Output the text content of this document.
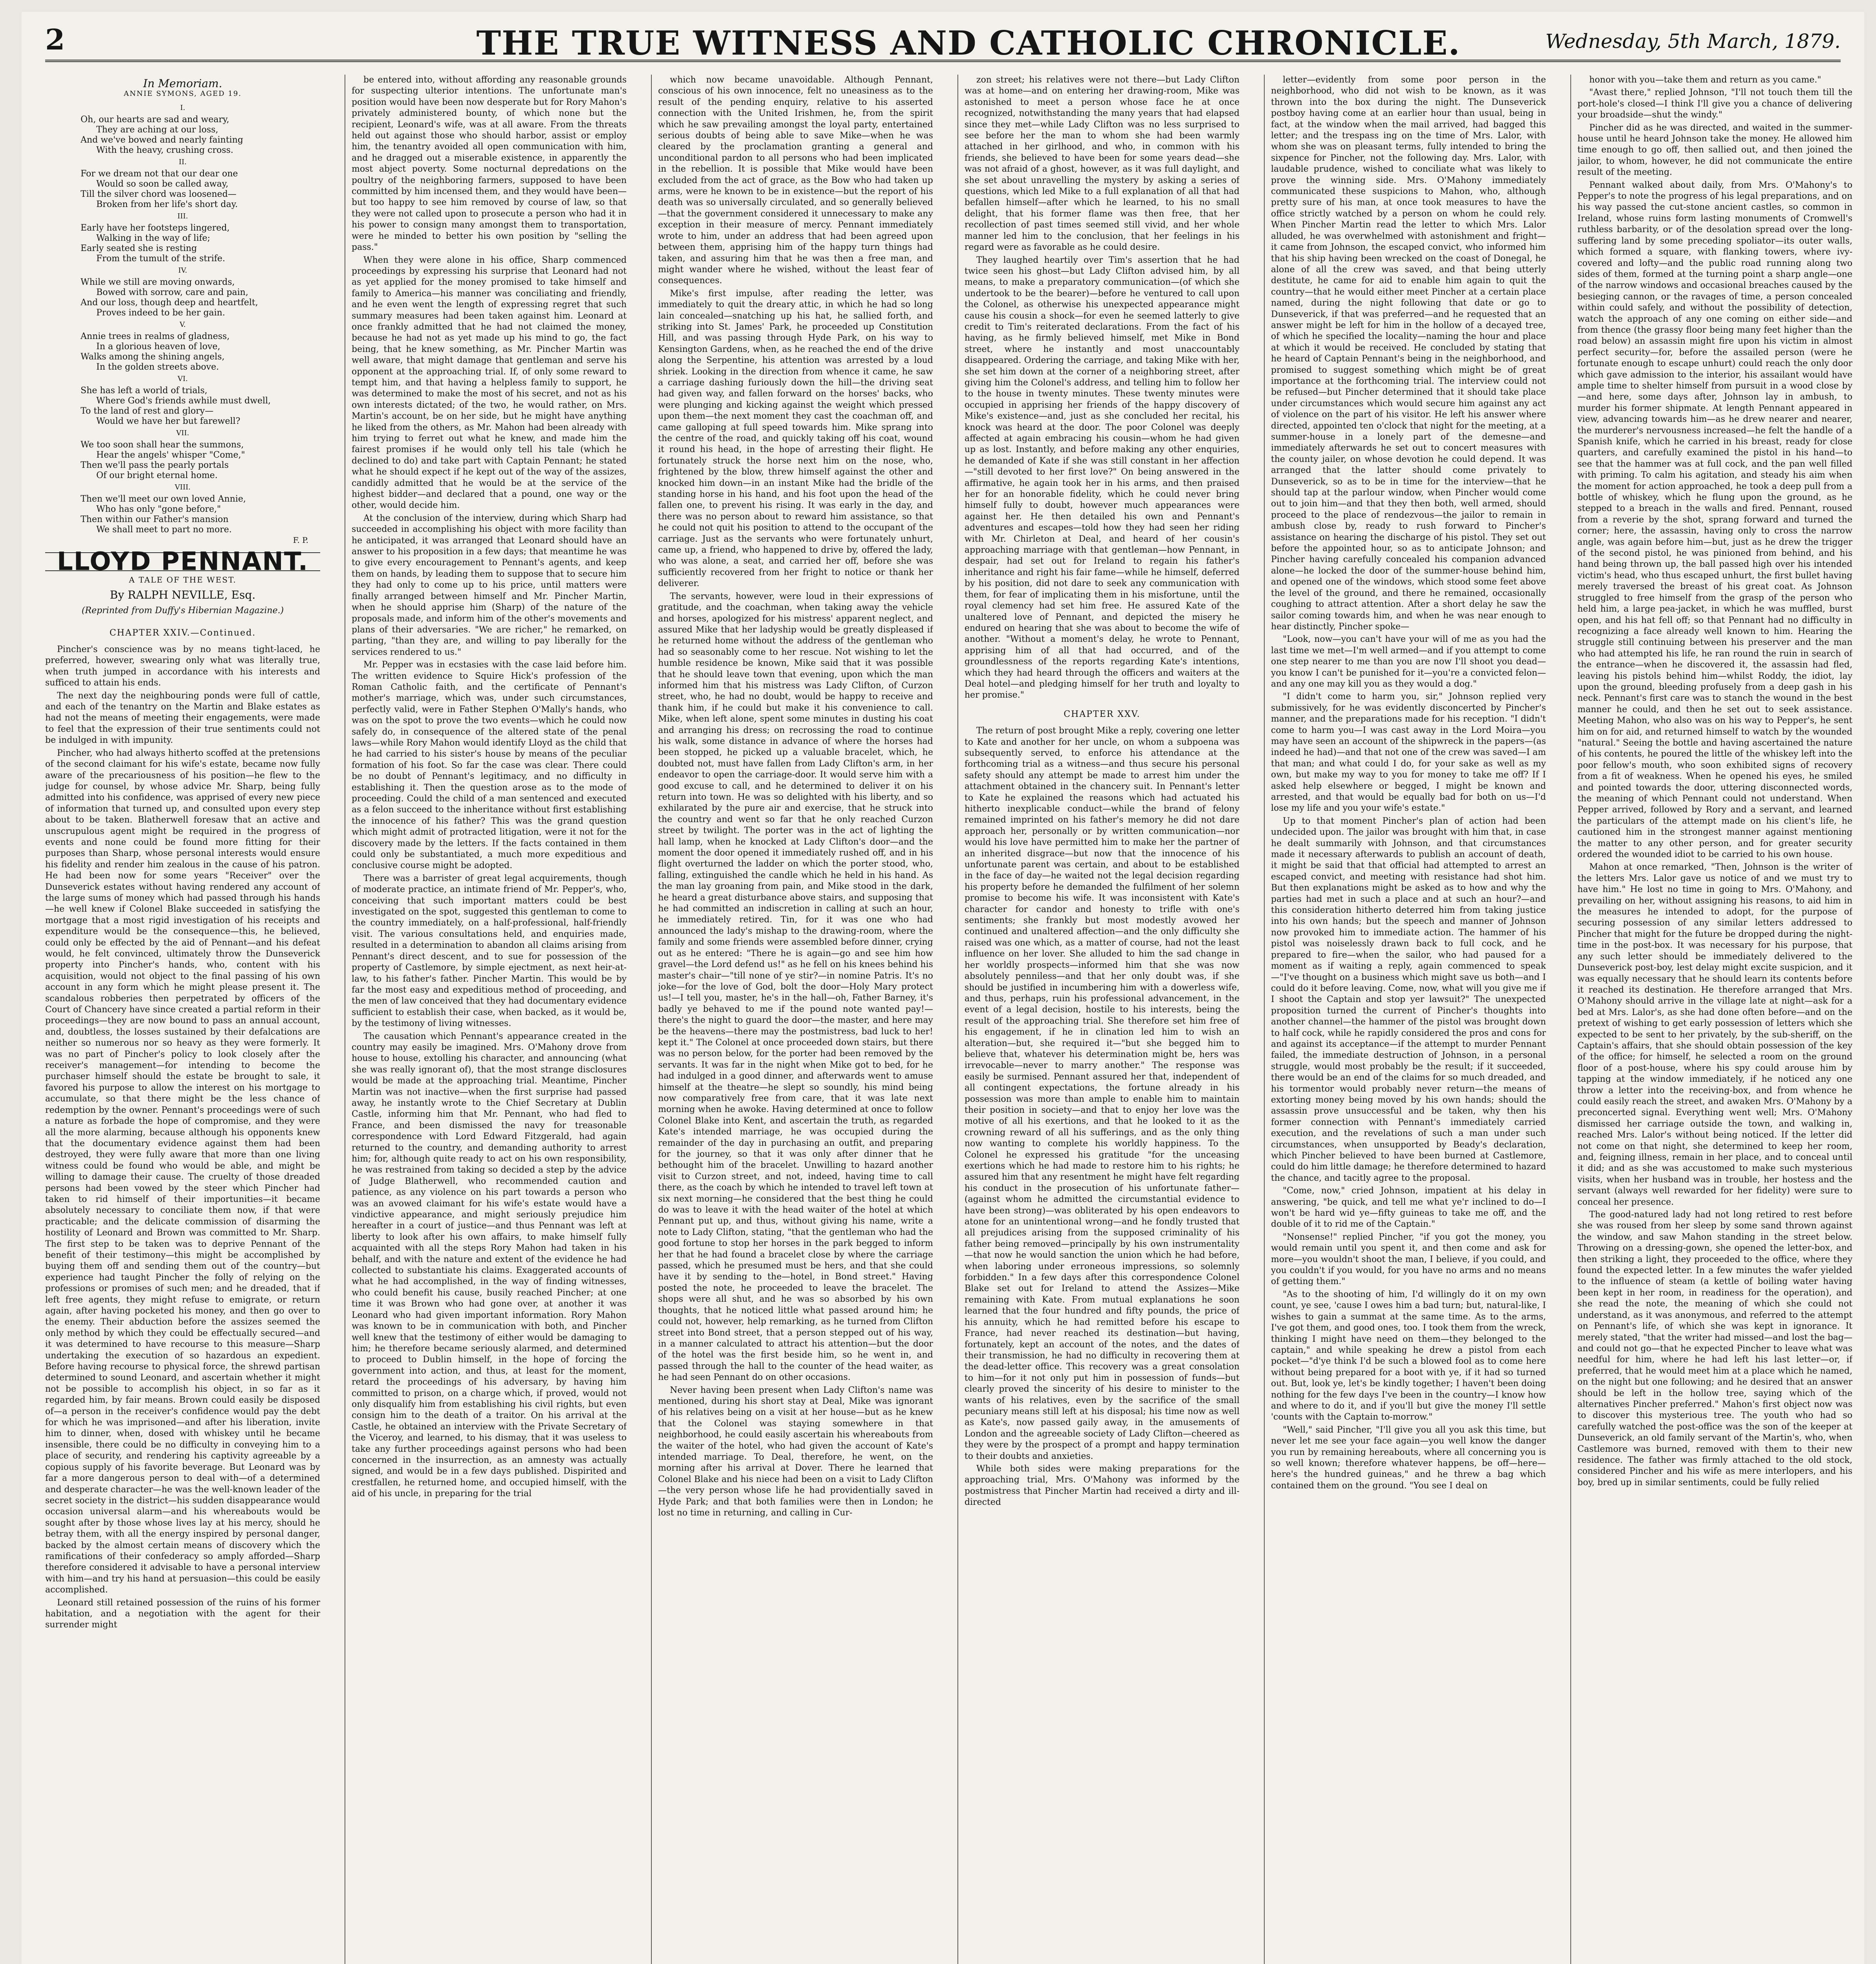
2	THE TRUE WITNESS AND CATHOLIC CHRONICLE.	Wednesday, 5th March, 1879.
In Memoriam.
ANNIE SYMONS, AGED 19.
I.
Oh, our hearts are sad and weary,
They are aching at our loss,
And we've bowed and nearly fainting
With the heavy, crushing cross.
II.
For we dream not that our dear one
Would so soon be called away,
Till the silver chord was loosened—
Broken from her life's short day.
III.
Early have her footsteps lingered,
Walking in the way of life;
Early seated she is resting
From the tumult of the strife.
IV.
While we still are moving onwards,
Bowed with sorrow, care and pain,
And our loss, though deep and heartfelt,
Proves indeed to be her gain.
V.
Annie trees in realms of gladness,
In a glorious heaven of love,
Walks among the shining angels,
In the golden streets above.
VI.
She has left a world of trials,
Where God's friends awhile must dwell,
To the land of rest and glory—
Would we have her but farewell?
VII.
We too soon shall hear the summons,
Hear the angels' whisper "Come,"
Then we'll pass the pearly portals
Of our bright eternal home.
VIII.
Then we'll meet our own loved Annie,
Who has only "gone before,"
Then within our Father's mansion
We shall meet to part no more.
F. P.
LLOYD PENNANT.
A TALE OF THE WEST.
By RALPH NEVILLE, Esq.
(Reprinted from Duffy's Hibernian Magazine.)
CHAPTER XXIV.—Continued.

Pincher's conscience was by no means tight-laced, he preferred, however, swearing only what was literally true, when truth jumped in accordance with his interests and sufficed to attain his ends.

The next day the neighbouring ponds were full of cattle, and each of the tenantry on the Martin and Blake estates as had not the means of meeting their engagements, were made to feel that the expression of their true sentiments could not be indulged in with impunity.

Pincher, who had always hitherto scoffed at the pretensions of the second claimant for his wife's estate, became now fully aware of the precariousness of his position—he flew to the judge for counsel, by whose advice Mr. Sharp, being fully admitted into his confidence, was apprised of every new piece of information that turned up, and consulted upon every step about to be taken. Blatherwell foresaw that an active and unscrupulous agent might be required in the progress of events and none could be found more fitting for their purposes than Sharp, whose personal interests would ensure his fidelity and render him zealous in the cause of his patron. He had been now for some years "Receiver" over the Dunseverick estates without having rendered any account of the large sums of money which had passed through his hands—he well knew if Colonel Blake succeeded in satisfying the mortgage that a most rigid investigation of his receipts and expenditure would be the consequence—this, he believed, could only be effected by the aid of Pennant—and his defeat would, he felt convinced, ultimately throw the Dunseverick property into Pincher's hands, who, content with his acquisition, would not object to the final passing of his own account in any form which he might please present it. The scandalous robberies then perpetrated by officers of the Court of Chancery have since created a partial reform in their proceedings—they are now bound to pass an annual account, and, doubtless, the losses sustained by their defalcations are neither so numerous nor so heavy as they were formerly. It was no part of Pincher's policy to look closely after the receiver's management—for intending to become the purchaser himself should the estate be brought to sale, it favored his purpose to allow the interest on his mortgage to accumulate, so that there might be the less chance of redemption by the owner. Pennant's proceedings were of such a nature as forbade the hope of compromise, and they were all the more alarming, because although his opponents knew that the documentary evidence against them had been destroyed, they were fully aware that more than one living witness could be found who would be able, and might be willing to damage their cause. The cruelty of those dreaded persons had been vowed by the steer which Pincher had taken to rid himself of their importunities—it became absolutely necessary to conciliate them now, if that were practicable; and the delicate commission of disarming the hostility of Leonard and Brown was committed to Mr. Sharp. The first step to be taken was to deprive Pennant of the benefit of their testimony—this might be accomplished by buying them off and sending them out of the country—but experience had taught Pincher the folly of relying on the professions or promises of such men; and he dreaded, that if left free agents, they might refuse to emigrate, or return again, after having pocketed his money, and then go over to the enemy. Their abduction before the assizes seemed the only method by which they could be effectually secured—and it was determined to have recourse to this measure—Sharp undertaking the execution of so hazardous an expedient. Before having recourse to physical force, the shrewd partisan determined to sound Leonard, and ascertain whether it might not be possible to accomplish his object, in so far as it regarded him, by fair means. Brown could easily be disposed of—a person in the receiver's confidence would pay the debt for which he was imprisoned—and after his liberation, invite him to dinner, when, dosed with whiskey until he became insensible, there could be no difficulty in conveying him to a place of security, and rendering his captivity agreeable by a copious supply of his favorite beverage. But Leonard was by far a more dangerous person to deal with—of a determined and desperate character—he was the well-known leader of the secret society in the district—his sudden disappearance would occasion universal alarm—and his whereabouts would be sought after by those whose lives lay at his mercy, should he betray them, with all the energy inspired by personal danger, backed by the almost certain means of discovery which the ramifications of their confederacy so amply afforded—Sharp therefore considered it advisable to have a personal interview with him—and try his hand at persuasion—this could be easily accomplished.

Leonard still retained possession of the ruins of his former habitation, and a negotiation with the agent for their surrender might

be entered into, without affording any reasonable grounds for suspecting ulterior intentions. The unfortunate man's position would have been now desperate but for Rory Mahon's privately administered bounty, of which none but the recipient, Leonard's wife, was at all aware. From the threats held out against those who should harbor, assist or employ him, the tenantry avoided all open communication with him, and he dragged out a miserable existence, in apparently the most abject poverty. Some nocturnal depredations on the poultry of the neighboring farmers, supposed to have been committed by him incensed them, and they would have been—but too happy to see him removed by course of law, so that they were not called upon to prosecute a person who had it in his power to consign many amongst them to transportation, were he minded to better his own position by "selling the pass."

When they were alone in his office, Sharp commenced proceedings by expressing his surprise that Leonard had not as yet applied for the money promised to take himself and family to America—his manner was conciliating and friendly, and he even went the length of expressing regret that such summary measures had been taken against him. Leonard at once frankly admitted that he had not claimed the money, because he had not as yet made up his mind to go, the fact being, that he knew something, as Mr. Pincher Martin was well aware, that might damage that gentleman and serve his opponent at the approaching trial. If, of only some reward to tempt him, and that having a helpless family to support, he was determined to make the most of his secret, and not as his own interests dictated; of the two, he would rather, on Mrs. Martin's account, be on her side, but he might have anything he liked from the others, as Mr. Mahon had been already with him trying to ferret out what he knew, and made him the fairest promises if he would only tell his tale (which he declined to do) and take part with Captain Pennant; he stated what he should expect if he kept out of the way of the assizes, candidly admitted that he would be at the service of the highest bidder—and declared that a pound, one way or the other, would decide him.

At the conclusion of the interview, during which Sharp had succeeded in accomplishing his object with more facility than he anticipated, it was arranged that Leonard should have an answer to his proposition in a few days; that meantime he was to give every encouragement to Pennant's agents, and keep them on hands, by leading them to suppose that to secure him they had only to come up to his price, until matters were finally arranged between himself and Mr. Pincher Martin, when he should apprise him (Sharp) of the nature of the proposals made, and inform him of the other's movements and plans of their adversaries. "We are richer," he remarked, on parting, "than they are, and willing to pay liberally for the services rendered to us."

Mr. Pepper was in ecstasies with the case laid before him. The written evidence to Squire Hick's profession of the Roman Catholic faith, and the certificate of Pennant's mother's marriage, which was, under such circumstances, perfectly valid, were in Father Stephen O'Mally's hands, who was on the spot to prove the two events—which he could now safely do, in consequence of the altered state of the penal laws—while Rory Mahon would identify Lloyd as the child that he had carried to his sister's house by means of the peculiar formation of his foot. So far the case was clear. There could be no doubt of Pennant's legitimacy, and no difficulty in establishing it. Then the question arose as to the mode of proceeding. Could the child of a man sentenced and executed as a felon succeed to the inheritance without first establishing the innocence of his father? This was the grand question which might admit of protracted litigation, were it not for the discovery made by the letters. If the facts contained in them could only be substantiated, a much more expeditious and conclusive course might be adopted.

There was a barrister of great legal acquirements, though of moderate practice, an intimate friend of Mr. Pepper's, who, conceiving that such important matters could be best investigated on the spot, suggested this gentleman to come to the country immediately, on a half-professional, half-friendly visit. The various consultations held, and enquiries made, resulted in a determination to abandon all claims arising from Pennant's direct descent, and to sue for possession of the property of Castlemore, by simple ejectment, as next heir-at-law, to his father's father. Pincher Martin. This would be by far the most easy and expeditious method of proceeding, and the men of law conceived that they had documentary evidence sufficient to establish their case, when backed, as it would be, by the testimony of living witnesses.

The causation which Pennant's appearance created in the country may easily be imagined. Mrs. O'Mahony drove from house to house, extolling his character, and announcing (what she was really ignorant of), that the most strange disclosures would be made at the approaching trial. Meantime, Pincher Martin was not inactive—when the first surprise had passed away, he instantly wrote to the Chief Secretary at Dublin Castle, informing him that Mr. Pennant, who had fled to France, and been dismissed the navy for treasonable correspondence with Lord Edward Fitzgerald, had again returned to the country, and demanding authority to arrest him; for, although quite ready to act on his own responsibility, he was restrained from taking so decided a step by the advice of Judge Blatherwell, who recommended caution and patience, as any violence on his part towards a person who was an avowed claimant for his wife's estate would have a vindictive appearance, and might seriously prejudice him hereafter in a court of justice—and thus Pennant was left at liberty to look after his own affairs, to make himself fully acquainted with all the steps Rory Mahon had taken in his behalf, and with the nature and extent of the evidence he had collected to substantiate his claims. Exaggerated accounts of what he had accomplished, in the way of finding witnesses, who could benefit his cause, busily reached Pincher; at one time it was Brown who had gone over, at another it was Leonard who had given important information. Rory Mahon was known to be in communication with both, and Pincher well knew that the testimony of either would be damaging to him; he therefore became seriously alarmed, and determined to proceed to Dublin himself, in the hope of forcing the government into action, and thus, at least for the moment, retard the proceedings of his adversary, by having him committed to prison, on a charge which, if proved, would not only disqualify him from establishing his civil rights, but even consign him to the death of a traitor. On his arrival at the Castle, he obtained an interview with the Private Secretary of the Viceroy, and learned, to his dismay, that it was useless to take any further proceedings against persons who had been concerned in the insurrection, as an amnesty was actually signed, and would be in a few days published. Dispirited and crestfallen, he returned home, and occupied himself, with the aid of his uncle, in preparing for the trial

which now became unavoidable. Although Pennant, conscious of his own innocence, felt no uneasiness as to the result of the pending enquiry, relative to his asserted connection with the United Irishmen, he, from the spirit which he saw prevailing amongst the loyal party, entertained serious doubts of being able to save Mike—when he was cleared by the proclamation granting a general and unconditional pardon to all persons who had been implicated in the rebellion. It is possible that Mike would have been excluded from the act of grace, as the Bow who had taken up arms, were he known to be in existence—but the report of his death was so universally circulated, and so generally believed—that the government considered it unnecessary to make any exception in their measure of mercy. Pennant immediately wrote to him, under an address that had been agreed upon between them, apprising him of the happy turn things had taken, and assuring him that he was then a free man, and might wander where he wished, without the least fear of consequences.

Mike's first impulse, after reading the letter, was immediately to quit the dreary attic, in which he had so long lain concealed—snatching up his hat, he sallied forth, and striking into St. James' Park, he proceeded up Constitution Hill, and was passing through Hyde Park, on his way to Kensington Gardens, when, as he reached the end of the drive along the Serpentine, his attention was arrested by a loud shriek. Looking in the direction from whence it came, he saw a carriage dashing furiously down the hill—the driving seat had given way, and fallen forward on the horses' backs, who were plunging and kicking against the weight which pressed upon them—the next moment they cast the coachman off, and came galloping at full speed towards him. Mike sprang into the centre of the road, and quickly taking off his coat, wound it round his head, in the hope of arresting their flight. He fortunately struck the horse next him on the nose, who, frightened by the blow, threw himself against the other and knocked him down—in an instant Mike had the bridle of the standing horse in his hand, and his foot upon the head of the fallen one, to prevent his rising. It was early in the day, and there was no person about to reward him assistance, so that he could not quit his position to attend to the occupant of the carriage. Just as the servants who were fortunately unhurt, came up, a friend, who happened to drive by, offered the lady, who was alone, a seat, and carried her off, before she was sufficiently recovered from her fright to notice or thank her deliverer.

The servants, however, were loud in their expressions of gratitude, and the coachman, when taking away the vehicle and horses, apologized for his mistress' apparent neglect, and assured Mike that her ladyship would be greatly displeased if he returned home without the address of the gentleman who had so seasonably come to her rescue. Not wishing to let the humble residence be known, Mike said that it was possible that he should leave town that evening, upon which the man informed him that his mistress was Lady Clifton, of Curzon street, who, he had no doubt, would be happy to receive and thank him, if he could but make it his convenience to call. Mike, when left alone, spent some minutes in dusting his coat and arranging his dress; on recrossing the road to continue his walk, some distance in advance of where the horses had been stopped, he picked up a valuable bracelet, which, he doubted not, must have fallen from Lady Clifton's arm, in her endeavor to open the carriage-door. It would serve him with a good excuse to call, and he determined to deliver it on his return into town. He was so delighted with his liberty, and so exhilarated by the pure air and exercise, that he struck into the country and went so far that he only reached Curzon street by twilight. The porter was in the act of lighting the hall lamp, when he knocked at Lady Clifton's door—and the moment the door opened it immediately rushed off, and in his flight overturned the ladder on which the porter stood, who, falling, extinguished the candle which he held in his hand. As the man lay groaning from pain, and Mike stood in the dark, he heard a great disturbance above stairs, and supposing that he had committed an indiscretion in calling at such an hour, he immediately retired. Tin, for it was one who had announced the lady's mishap to the drawing-room, where the family and some friends were assembled before dinner, crying out as he entered: "There he is again—go and see him how gravel—the Lord defend us!" as he fell on his knees behind his master's chair—"till none of ye stir?—in nomine Patris. It's no joke—for the love of God, bolt the door—Holy Mary protect us!—I tell you, master, he's in the hall—oh, Father Barney, it's badly ye behaved to me if the pound note wanted pay!—there's the night to guard the door—the master, and here may be the heavens—there may the postmistress, bad luck to her! kept it." The Colonel at once proceeded down stairs, but there was no person below, for the porter had been removed by the servants. It was far in the night when Mike got to bed, for he had indulged in a good dinner, and afterwards went to amuse himself at the theatre—he slept so soundly, his mind being now comparatively free from care, that it was late next morning when he awoke. Having determined at once to follow Colonel Blake into Kent, and ascertain the truth, as regarded Kate's intended marriage, he was occupied during the remainder of the day in purchasing an outfit, and preparing for the journey, so that it was only after dinner that he bethought him of the bracelet. Unwilling to hazard another visit to Curzon street, and not, indeed, having time to call there, as the coach by which he intended to travel left town at six next morning—he considered that the best thing he could do was to leave it with the head waiter of the hotel at which Pennant put up, and thus, without giving his name, write a note to Lady Clifton, stating, "that the gentleman who had the good fortune to stop her horses in the park begged to inform her that he had found a bracelet close by where the carriage passed, which he presumed must be hers, and that she could have it by sending to the—hotel, in Bond street." Having posted the note, he proceeded to leave the bracelet. The shops were all shut, and he was so absorbed by his own thoughts, that he noticed little what passed around him; he could not, however, help remarking, as he turned from Clifton street into Bond street, that a person stepped out of his way, in a manner calculated to attract his attention—but the door of the hotel was the first beside him, so he went in, and passed through the hall to the counter of the head waiter, as he had seen Pennant do on other occasions.

Never having been present when Lady Clifton's name was mentioned, during his short stay at Deal, Mike was ignorant of his relatives being on a visit at her house—but as he knew that the Colonel was staying somewhere in that neighborhood, he could easily ascertain his whereabouts from the waiter of the hotel, who had given the account of Kate's intended marriage. To Deal, therefore, he went, on the morning after his arrival at Dover. There he learned that Colonel Blake and his niece had been on a visit to Lady Clifton—the very person whose life he had providentially saved in Hyde Park; and that both families were then in London; he lost no time in returning, and calling in Cur-

zon street; his relatives were not there—but Lady Clifton was at home—and on entering her drawing-room, Mike was astonished to meet a person whose face he at once recognized, notwithstanding the many years that had elapsed since they met—while Lady Clifton was no less surprised to see before her the man to whom she had been warmly attached in her girlhood, and who, in common with his friends, she believed to have been for some years dead—she was not afraid of a ghost, however, as it was full daylight, and she set about unravelling the mystery by asking a series of questions, which led Mike to a full explanation of all that had befallen himself—after which he learned, to his no small delight, that his former flame was then free, that her recollection of past times seemed still vivid, and her whole manner led him to the conclusion, that her feelings in his regard were as favorable as he could desire.

They laughed heartily over Tim's assertion that he had twice seen his ghost—but Lady Clifton advised him, by all means, to make a preparatory communication—(of which she undertook to be the bearer)—before he ventured to call upon the Colonel, as otherwise his unexpected appearance might cause his cousin a shock—for even he seemed latterly to give credit to Tim's reiterated declarations. From the fact of his having, as he firmly believed himself, met Mike in Bond street, where he instantly and most unaccountably disappeared. Ordering the carriage, and taking Mike with her, she set him down at the corner of a neighboring street, after giving him the Colonel's address, and telling him to follow her to the house in twenty minutes. These twenty minutes were occupied in apprising her friends of the happy discovery of Mike's existence—and, just as she concluded her recital, his knock was heard at the door. The poor Colonel was deeply affected at again embracing his cousin—whom he had given up as lost. Instantly, and before making any other enquiries, he demanded of Kate if she was still constant in her affection—"still devoted to her first love?" On being answered in the affirmative, he again took her in his arms, and then praised her for an honorable fidelity, which he could never bring himself fully to doubt, however much appearances were against her. He then detailed his own and Pennant's adventures and escapes—told how they had seen her riding with Mr. Chirleton at Deal, and heard of her cousin's approaching marriage with that gentleman—how Pennant, in despair, had set out for Ireland to regain his father's inheritance and right his fair fame—while he himself, deferred by his position, did not dare to seek any communication with them, for fear of implicating them in his misfortune, until the royal clemency had set him free. He assured Kate of the unaltered love of Pennant, and depicted the misery he endured on hearing that she was about to become the wife of another. "Without a moment's delay, he wrote to Pennant, apprising him of all that had occurred, and of the groundlessness of the reports regarding Kate's intentions, which they had heard through the officers and waiters at the Deal hotel—and pledging himself for her truth and loyalty to her promise."

CHAPTER XXV.

The return of post brought Mike a reply, covering one letter to Kate and another for her uncle, on whom a subpoena was subsequently served, to enforce his attendance at the forthcoming trial as a witness—and thus secure his personal safety should any attempt be made to arrest him under the attachment obtained in the chancery suit. In Pennant's letter to Kate he explained the reasons which had actuated his hitherto inexplicable conduct—while the brand of felony remained imprinted on his father's memory he did not dare approach her, personally or by written communication—nor would his love have permitted him to make her the partner of an inherited disgrace—but now that the innocence of his unfortunate parent was certain, and about to be established in the face of day—he waited not the legal decision regarding his property before he demanded the fulfilment of her solemn promise to become his wife. It was inconsistent with Kate's character for candor and honesty to trifle with one's sentiments; she frankly but most modestly avowed her continued and unaltered affection—and the only difficulty she raised was one which, as a matter of course, had not the least influence on her lover. She alluded to him the sad change in her worldly prospects—informed him that she was now absolutely penniless—and that her only doubt was, if she should be justified in incumbering him with a dowerless wife, and thus, perhaps, ruin his professional advancement, in the event of a legal decision, hostile to his interests, being the result of the approaching trial. She therefore set him free of his engagement, if he in clination led him to wish an alteration—but, she required it—"but she begged him to believe that, whatever his determination might be, hers was irrevocable—never to marry another." The response was easily be surmised. Pennant assured her that, independent of all contingent expectations, the fortune already in his possession was more than ample to enable him to maintain their position in society—and that to enjoy her love was the motive of all his exertions, and that he looked to it as the crowning reward of all his sufferings, and as the only thing now wanting to complete his worldly happiness. To the Colonel he expressed his gratitude "for the unceasing exertions which he had made to restore him to his rights; he assured him that any resentment he might have felt regarding his conduct in the prosecution of his unfortunate father—(against whom he admitted the circumstantial evidence to have been strong)—was obliterated by his open endeavors to atone for an unintentional wrong—and he fondly trusted that all prejudices arising from the supposed criminality of his father being removed—principally by his own instrumentality—that now he would sanction the union which he had before, when laboring under erroneous impressions, so solemnly forbidden." In a few days after this correspondence Colonel Blake set out for Ireland to attend the Assizes—Mike remaining with Kate. From mutual explanations he soon learned that the four hundred and fifty pounds, the price of his annuity, which he had remitted before his escape to France, had never reached its destination—but having, fortunately, kept an account of the notes, and the dates of their transmission, he had no difficulty in recovering them at the dead-letter office. This recovery was a great consolation to him—for it not only put him in possession of funds—but clearly proved the sincerity of his desire to minister to the wants of his relatives, even by the sacrifice of the small pecuniary means still left at his disposal; his time now as well as Kate's, now passed gaily away, in the amusements of London and the agreeable society of Lady Clifton—cheered as they were by the prospect of a prompt and happy termination to their doubts and anxieties.

While both sides were making preparations for the approaching trial, Mrs. O'Mahony was informed by the postmistress that Pincher Martin had received a dirty and ill-directed

letter—evidently from some poor person in the neighborhood, who did not wish to be known, as it was thrown into the box during the night. The Dunseverick postboy having come at an earlier hour than usual, being in fact, at the window when the mail arrived, had bagged this letter; and the trespass ing on the time of Mrs. Lalor, with whom she was on pleasant terms, fully intended to bring the sixpence for Pincher, not the following day. Mrs. Lalor, with laudable prudence, wished to conciliate what was likely to prove the winning side. Mrs. O'Mahony immediately communicated these suspicions to Mahon, who, although pretty sure of his man, at once took measures to have the office strictly watched by a person on whom he could rely. When Pincher Martin read the letter to which Mrs. Lalor alluded, he was overwhelmed with astonishment and fright—it came from Johnson, the escaped convict, who informed him that his ship having been wrecked on the coast of Donegal, he alone of all the crew was saved, and that being utterly destitute, he came for aid to enable him again to quit the country—that he would either meet Pincher at a certain place named, during the night following that date or go to Dunseverick, if that was preferred—and he requested that an answer might be left for him in the hollow of a decayed tree, of which he specified the locality—naming the hour and place at which it would be received. He concluded by stating that he heard of Captain Pennant's being in the neighborhood, and promised to suggest something which might be of great importance at the forthcoming trial. The interview could not be refused—but Pincher determined that it should take place under circumstances which would secure him against any act of violence on the part of his visitor. He left his answer where directed, appointed ten o'clock that night for the meeting, at a summer-house in a lonely part of the demesne—and immediately afterwards he set out to concert measures with the county jailer, on whose devotion he could depend. It was arranged that the latter should come privately to Dunseverick, so as to be in time for the interview—that he should tap at the parlour window, when Pincher would come out to join him—and that they then both, well armed, should proceed to the place of rendezvous—the jailor to remain in ambush close by, ready to rush forward to Pincher's assistance on hearing the discharge of his pistol. They set out before the appointed hour, so as to anticipate Johnson; and Pincher having carefully concealed his companion advanced alone—he locked the door of the summer-house behind him, and opened one of the windows, which stood some feet above the level of the ground, and there he remained, occasionally coughing to attract attention. After a short delay he saw the sailor coming towards him, and when he was near enough to hear distinctly, Pincher spoke—

"Look, now—you can't have your will of me as you had the last time we met—I'm well armed—and if you attempt to come one step nearer to me than you are now I'll shoot you dead—you know I can't be punished for it—you're a convicted felon—and any one may kill you as they would a dog."

"I didn't come to harm you, sir," Johnson replied very submissively, for he was evidently disconcerted by Pincher's manner, and the preparations made for his reception. "I didn't come to harm you—I was cast away in the Lord Moira—you may have seen an account of the shipwreck in the papers—(as indeed he had)—and that not one of the crew was saved—I am that man; and what could I do, for your sake as well as my own, but make my way to you for money to take me off? If I asked help elsewhere or begged, I might be known and arrested, and that would be equally bad for both on us—I'd lose my life and you your wife's estate."

Up to that moment Pincher's plan of action had been undecided upon. The jailor was brought with him that, in case he dealt summarily with Johnson, and that circumstances made it necessary afterwards to publish an account of death, it might be said that that official had attempted to arrest an escaped convict, and meeting with resistance had shot him. But then explanations might be asked as to how and why the parties had met in such a place and at such an hour?—and this consideration hitherto deterred him from taking justice into his own hands; but the speech and manner of Johnson now provoked him to immediate action. The hammer of his pistol was noiselessly drawn back to full cock, and he prepared to fire—when the sailor, who had paused for a moment as if waiting a reply, again commenced to speak—"I've thought on a business which might save us both—and I could do it before leaving. Come, now, what will you give me if I shoot the Captain and stop yer lawsuit?" The unexpected proposition turned the current of Pincher's thoughts into another channel—the hammer of the pistol was brought down to half cock, while he rapidly considered the pros and cons for and against its acceptance—if the attempt to murder Pennant failed, the immediate destruction of Johnson, in a personal struggle, would most probably be the result; if it succeeded, there would be an end of the claims for so much dreaded, and his tormentor would probably never return—the means of extorting money being moved by his own hands; should the assassin prove unsuccessful and be taken, why then his former connection with Pennant's immediately carried execution, and the revelations of such a man under such circumstances, when unsupported by Beady's declaration, which Pincher believed to have been burned at Castlemore, could do him little damage; he therefore determined to hazard the chance, and tacitly agree to the proposal.

"Come, now," cried Johnson, impatient at his delay in answering, "be quick, and tell me what ye'r inclined to do—I won't be hard wid ye—fifty guineas to take me off, and the double of it to rid me of the Captain."

"Nonsense!" replied Pincher, "if you got the money, you would remain until you spent it, and then come and ask for more—you wouldn't shoot the man, I believe, if you could, and you couldn't if you would, for you have no arms and no means of getting them."

"As to the shooting of him, I'd willingly do it on my own count, ye see, 'cause I owes him a bad turn; but, natural-like, I wishes to gain a summat at the same time. As to the arms, I've got them, and good ones, too. I took them from the wreck, thinking I might have need on them—they belonged to the captain," and while speaking he drew a pistol from each pocket—"d'ye think I'd be such a blowed fool as to come here without being prepared for a boot with ye, if it had so turned out. But, look ye, let's be kindly together; I haven't been doing nothing for the few days I've been in the country—I know how and where to do it, and if you'll but give the money I'll settle 'counts with the Captain to-morrow."

"Well," said Pincher, "I'll give you all you ask this time, but never let me see your face again—you well know the danger you run by remaining hereabouts, where all concerning you is so well known; therefore whatever happens, be off—here—here's the hundred guineas," and he threw a bag which contained them on the ground. "You see I deal on

honor with you—take them and return as you came."

"Avast there," replied Johnson, "I'll not touch them till the port-hole's closed—I think I'll give you a chance of delivering your broadside—shut the windy."

Pincher did as he was directed, and waited in the summer-house until he heard Johnson take the money. He allowed him time enough to go off, then sallied out, and then joined the jailor, to whom, however, he did not communicate the entire result of the meeting.

Pennant walked about daily, from Mrs. O'Mahony's to Pepper's to note the progress of his legal preparations, and on his way passed the cut-stone ancient castles, so common in Ireland, whose ruins form lasting monuments of Cromwell's ruthless barbarity, or of the desolation spread over the long-suffering land by some preceding spoliator—its outer walls, which formed a square, with flanking towers, where ivy-covered and lofty—and the public road running along two sides of them, formed at the turning point a sharp angle—one of the narrow windows and occasional breaches caused by the besieging cannon, or the ravages of time, a person concealed within could safely, and without the possibility of detection, watch the approach of any one coming on either side—and from thence (the grassy floor being many feet higher than the road below) an assassin might fire upon his victim in almost perfect security—for, before the assailed person (were he fortunate enough to escape unhurt) could reach the only door which gave admission to the interior, his assailant would have ample time to shelter himself from pursuit in a wood close by—and here, some days after, Johnson lay in ambush, to murder his former shipmate. At length Pennant appeared in view, advancing towards him—as he drew nearer and nearer, the murderer's nervousness increased—he felt the handle of a Spanish knife, which he carried in his breast, ready for close quarters, and carefully examined the pistol in his hand—to see that the hammer was at full cock, and the pan well filled with priming. To calm his agitation, and steady his aim when the moment for action approached, he took a deep pull from a bottle of whiskey, which he flung upon the ground, as he stepped to a breach in the walls and fired. Pennant, roused from a reverie by the shot, sprang forward and turned the corner; here, the assassin, having only to cross the narrow angle, was again before him—but, just as he drew the trigger of the second pistol, he was pinioned from behind, and his hand being thrown up, the ball passed high over his intended victim's head, who thus escaped unhurt, the first bullet having merely traversed the breast of his great coat. As Johnson struggled to free himself from the grasp of the person who held him, a large pea-jacket, in which he was muffled, burst open, and his hat fell off; so that Pennant had no difficulty in recognizing a face already well known to him. Hearing the struggle still continuing between his preserver and the man who had attempted his life, he ran round the ruin in search of the entrance—when he discovered it, the assassin had fled, leaving his pistols behind him—whilst Roddy, the idiot, lay upon the ground, bleeding profusely from a deep gash in his neck. Pennant's first care was to stanch the wound in the best manner he could, and then he set out to seek assistance. Meeting Mahon, who also was on his way to Pepper's, he sent him on for aid, and returned himself to watch by the wounded "natural." Seeing the bottle and having ascertained the nature of his contents, he poured the little of the whiskey left into the poor fellow's mouth, who soon exhibited signs of recovery from a fit of weakness. When he opened his eyes, he smiled and pointed towards the door, uttering disconnected words, the meaning of which Pennant could not understand. When Pepper arrived, followed by Rory and a servant, and learned the particulars of the attempt made on his client's life, he cautioned him in the strongest manner against mentioning the matter to any other person, and for greater security ordered the wounded idiot to be carried to his own house.

Mahon at once remarked, "Then, Johnson is the writer of the letters Mrs. Lalor gave us notice of and we must try to have him." He lost no time in going to Mrs. O'Mahony, and prevailing on her, without assigning his reasons, to aid him in the measures he intended to adopt, for the purpose of securing possession of any similar letters addressed to Pincher that might for the future be dropped during the night-time in the post-box. It was necessary for his purpose, that any such letter should be immediately delivered to the Dunseverick post-boy, lest delay might excite suspicion, and it was equally necessary that he should learn its contents before it reached its destination. He therefore arranged that Mrs. O'Mahony should arrive in the village late at night—ask for a bed at Mrs. Lalor's, as she had done often before—and on the pretext of wishing to get early possession of letters which she expected to be sent to her privately, by the sub-sheriff, on the Captain's affairs, that she should obtain possession of the key of the office; for himself, he selected a room on the ground floor of a post-house, where his spy could arouse him by tapping at the window immediately, if he noticed any one throw a letter into the receiving-box, and from whence he could easily reach the street, and awaken Mrs. O'Mahony by a preconcerted signal. Everything went well; Mrs. O'Mahony dismissed her carriage outside the town, and walking in, reached Mrs. Lalor's without being noticed. If the letter did not come on that night, she determined to keep her room, and, feigning illness, remain in her place, and to conceal until it did; and as she was accustomed to make such mysterious visits, when her husband was in trouble, her hostess and the servant (always well rewarded for her fidelity) were sure to conceal her presence.

The good-natured lady had not long retired to rest before she was roused from her sleep by some sand thrown against the window, and saw Mahon standing in the street below. Throwing on a dressing-gown, she opened the letter-box, and then striking a light, they proceeded to the office, where they found the expected letter. In a few minutes the wafer yielded to the influence of steam (a kettle of boiling water having been kept in her room, in readiness for the operation), and she read the note, the meaning of which she could not understand, as it was anonymous, and referred to the attempt on Pennant's life, of which she was kept in ignorance. It merely stated, "that the writer had missed—and lost the bag—and could not go—that he expected Pincher to leave what was needful for him, where he had left his last letter—or, if preferred, that he would meet him at a place which he named, on the night but one following; and he desired that an answer should be left in the hollow tree, saying which of the alternatives Pincher preferred." Mahon's first object now was to discover this mysterious tree. The youth who had so carefully watched the post-office was the son of the keeper at Dunseverick, an old family servant of the Martin's, who, when Castlemore was burned, removed with them to their new residence. The father was firmly attached to the old stock, considered Pincher and his wife as mere interlopers, and his boy, bred up in similar sentiments, could be fully relied
